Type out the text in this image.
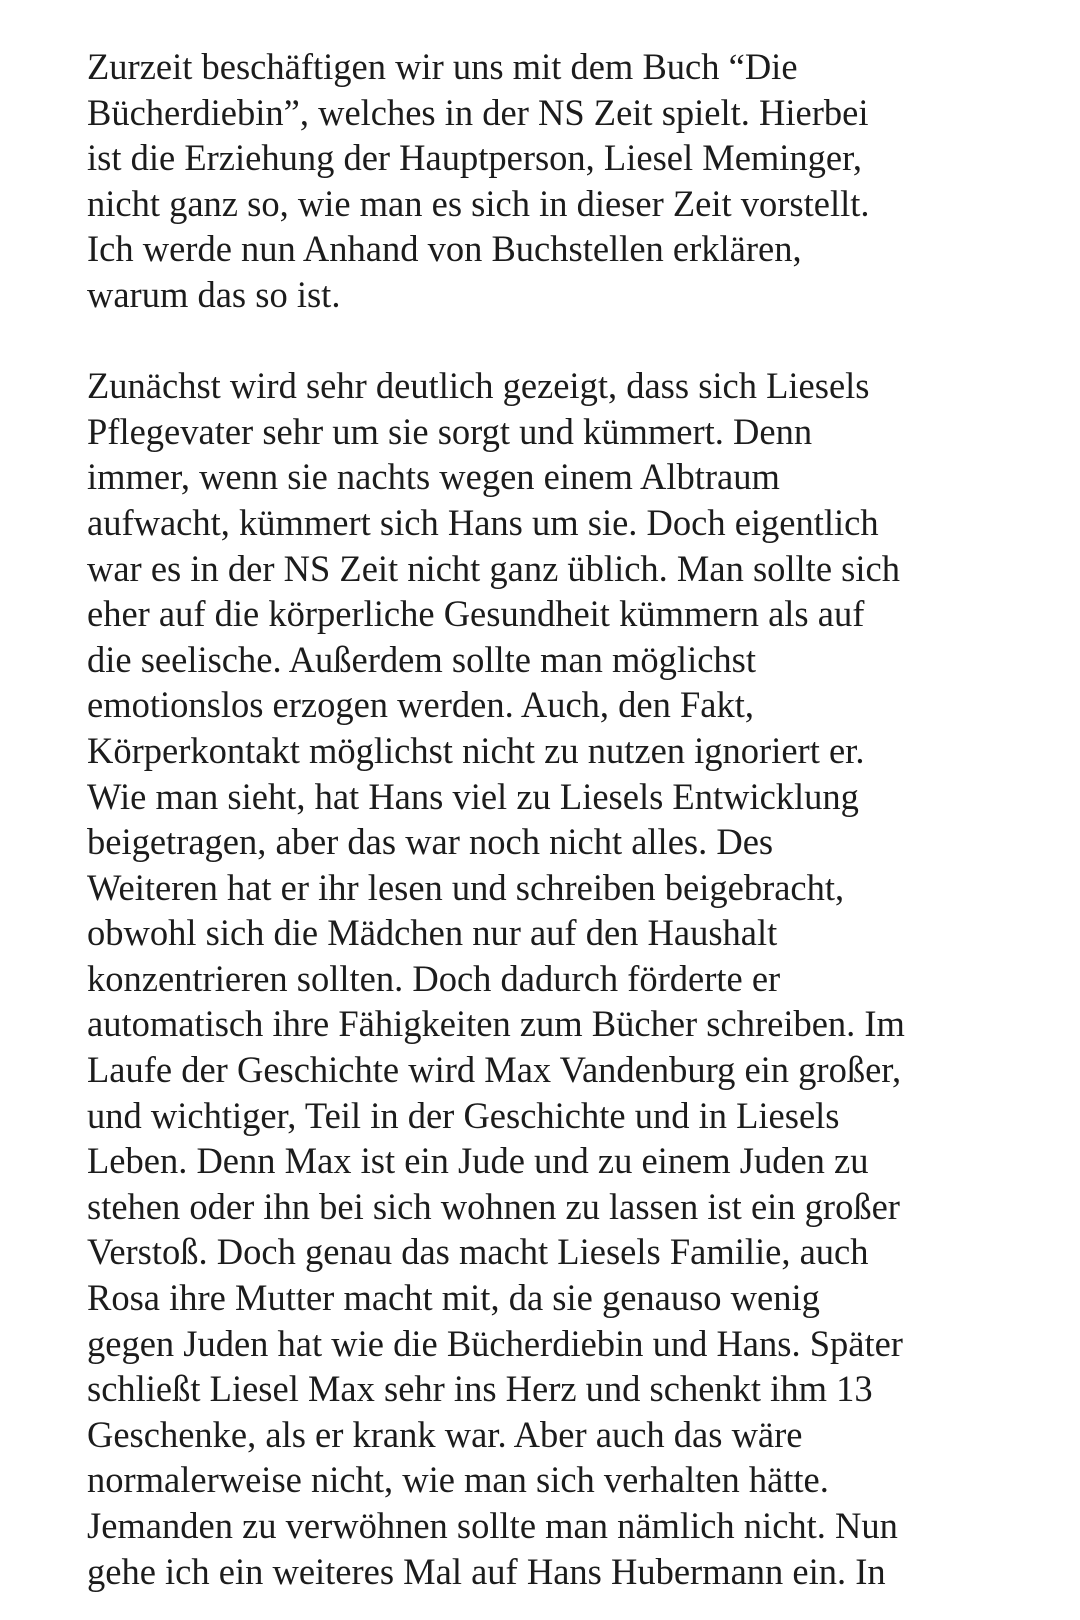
Zurzeit beschäftigen wir uns mit dem Buch “Die
Bücherdiebin”, welches in der NS Zeit spielt. Hierbei
ist die Erziehung der Hauptperson, Liesel Meminger,
nicht ganz so, wie man es sich in dieser Zeit vorstellt.
Ich werde nun Anhand von Buchstellen erklären,
warum das so ist.
Zunächst wird sehr deutlich gezeigt, dass sich Liesels
Pflegevater sehr um sie sorgt und kümmert. Denn
immer, wenn sie nachts wegen einem Albtraum
aufwacht, kümmert sich Hans um sie. Doch eigentlich
war es in der NS Zeit nicht ganz üblich. Man sollte sich
eher auf die körperliche Gesundheit kümmern als auf
die seelische. Außerdem sollte man möglichst
emotionslos erzogen werden. Auch, den Fakt,
Körperkontakt möglichst nicht zu nutzen ignoriert er.
Wie man sieht, hat Hans viel zu Liesels Entwicklung
beigetragen, aber das war noch nicht alles. Des
Weiteren hat er ihr lesen und schreiben beigebracht,
obwohl sich die Mädchen nur auf den Haushalt
konzentrieren sollten. Doch dadurch förderte er
automatisch ihre Fähigkeiten zum Bücher schreiben. Im
Laufe der Geschichte wird Max Vandenburg ein großer,
und wichtiger, Teil in der Geschichte und in Liesels
Leben. Denn Max ist ein Jude und zu einem Juden zu
stehen oder ihn bei sich wohnen zu lassen ist ein großer
Verstoß. Doch genau das macht Liesels Familie, auch
Rosa ihre Mutter macht mit, da sie genauso wenig
gegen Juden hat wie die Bücherdiebin und Hans. Später
schließt Liesel Max sehr ins Herz und schenkt ihm 13
Geschenke, als er krank war. Aber auch das wäre
normalerweise nicht, wie man sich verhalten hätte.
Jemanden zu verwöhnen sollte man nämlich nicht. Nun
gehe ich ein weiteres Mal auf Hans Hubermann ein. In
